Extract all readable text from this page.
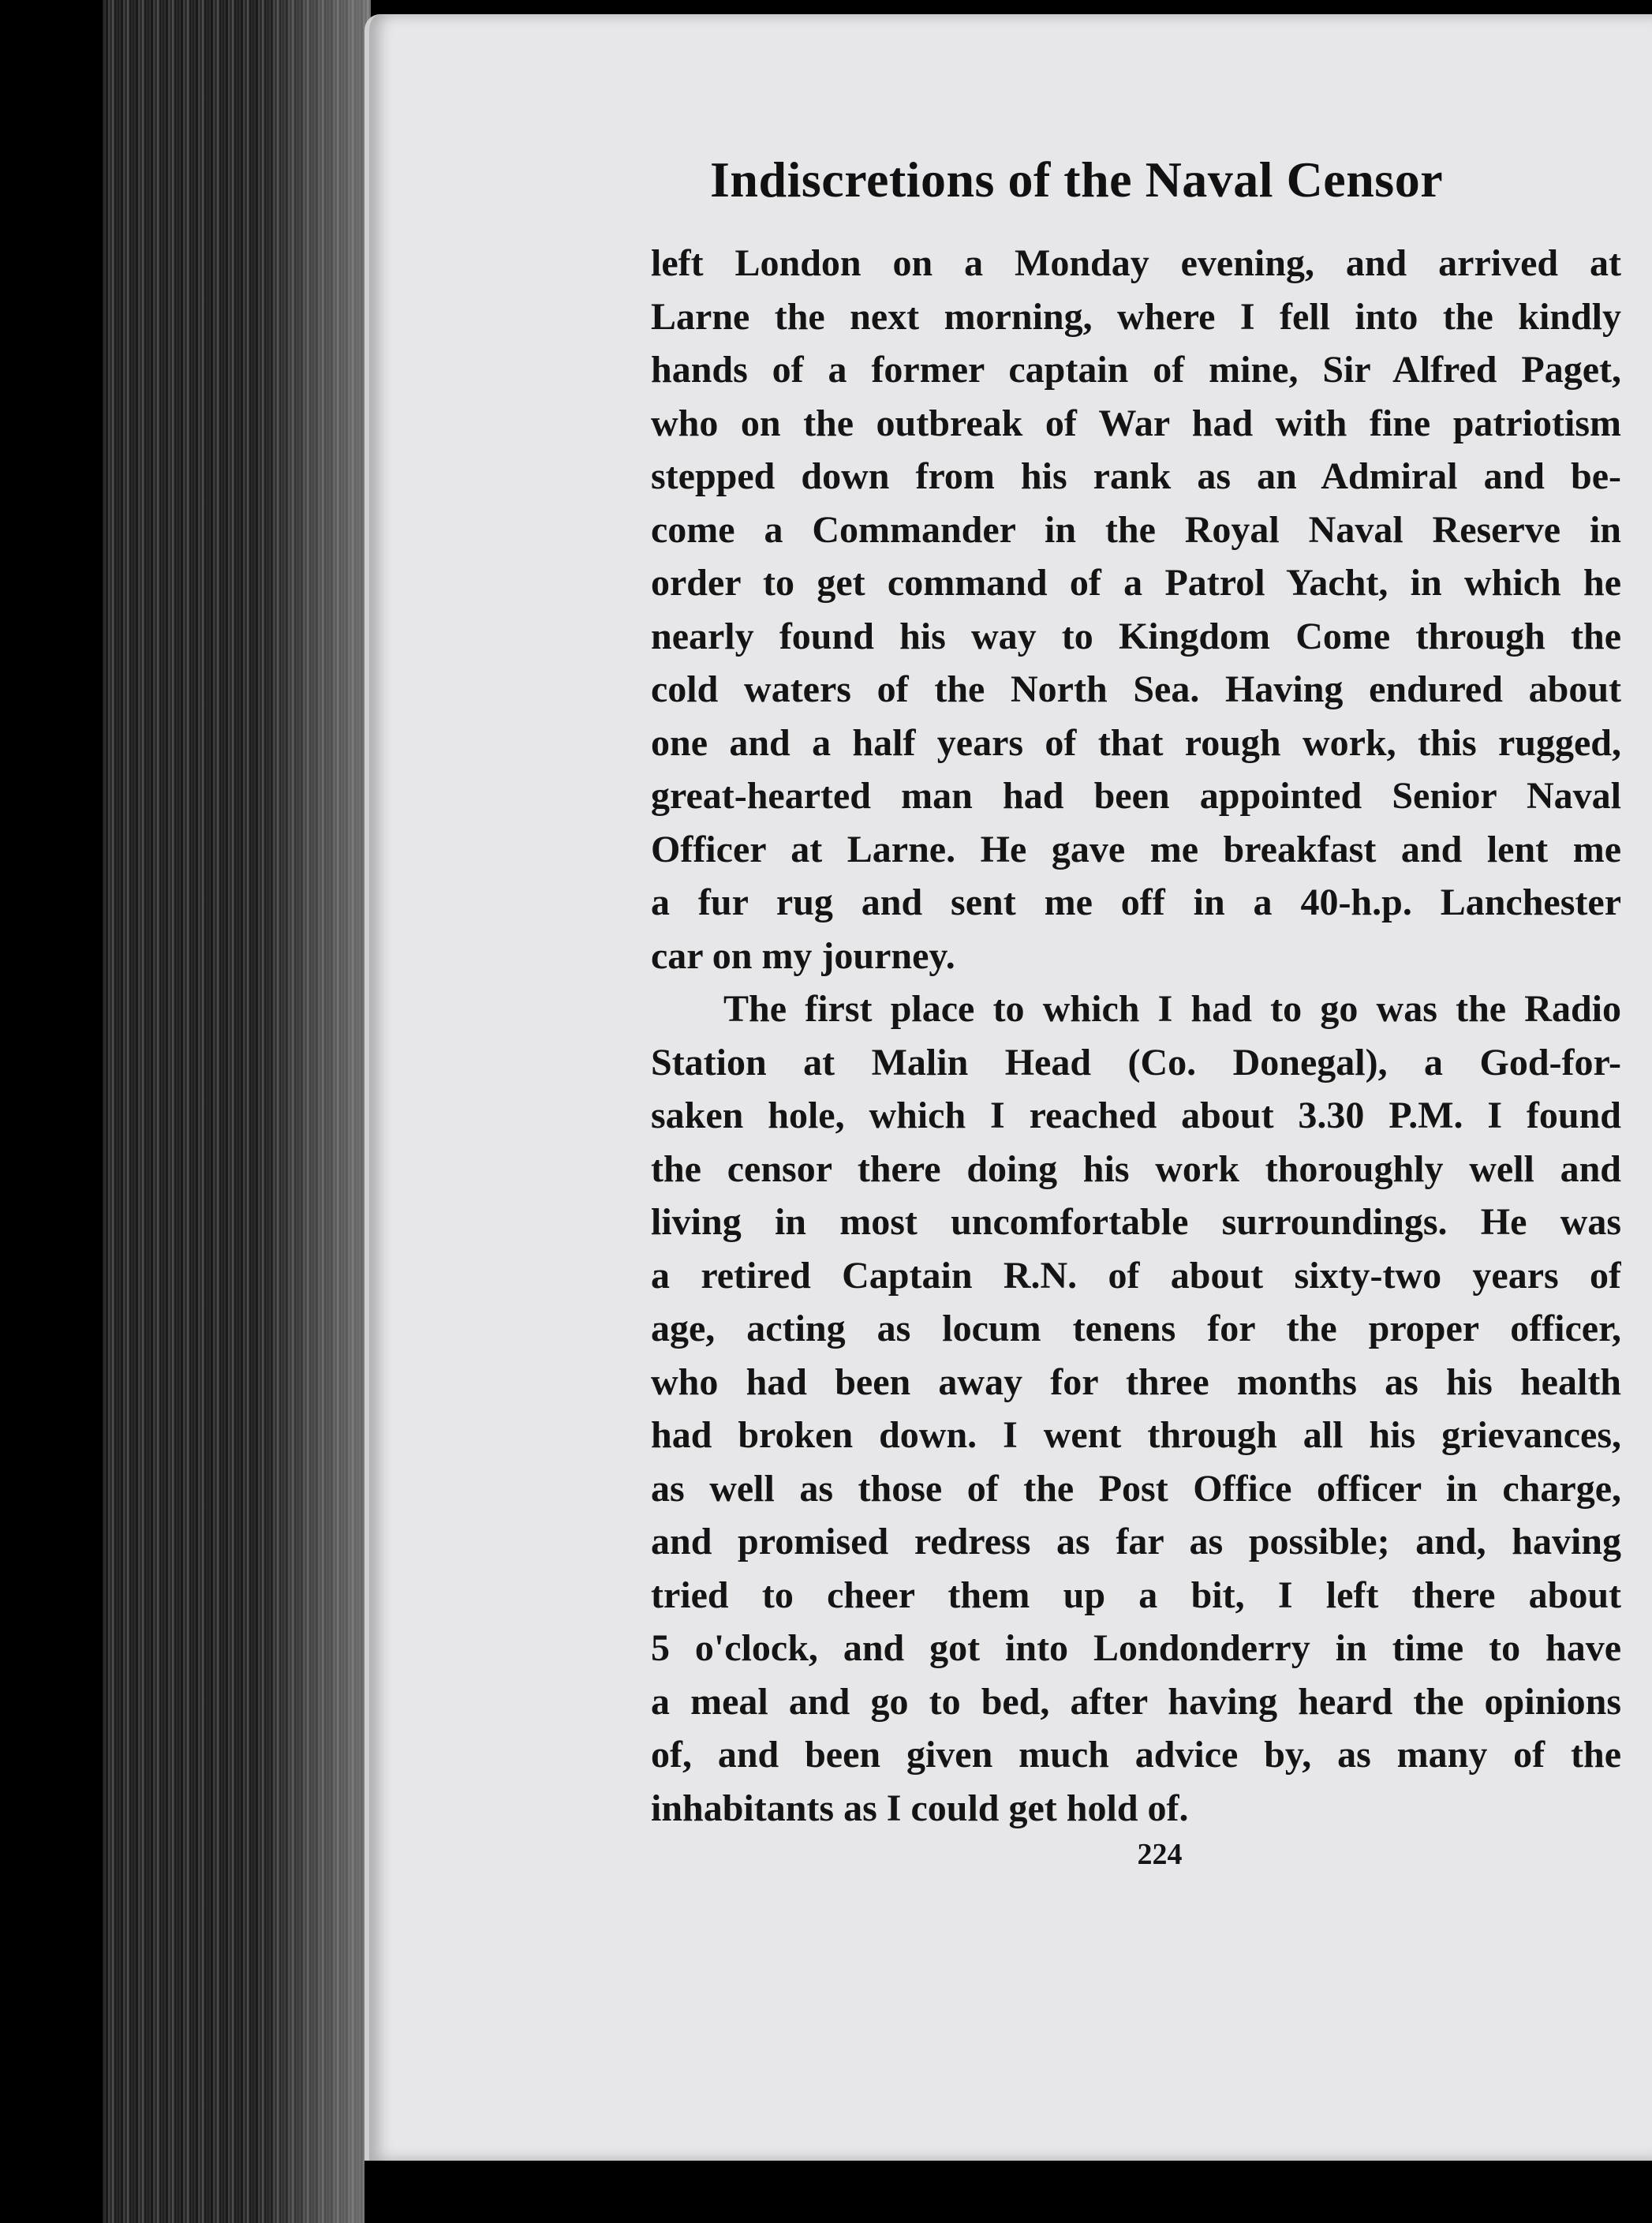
Indiscretions of the Naval Censor
left London on a Monday evening, and arrived at
Larne the next morning, where I fell into the kindly
hands of a former captain of mine, Sir Alfred Paget,
who on the outbreak of War had with fine patriotism
stepped down from his rank as an Admiral and be-
come a Commander in the Royal Naval Reserve in
order to get command of a Patrol Yacht, in which he
nearly found his way to Kingdom Come through the
cold waters of the North Sea. Having endured about
one and a half years of that rough work, this rugged,
great-hearted man had been appointed Senior Naval
Officer at Larne. He gave me breakfast and lent me
a fur rug and sent me off in a 40-h.p. Lanchester
car on my journey.
The first place to which I had to go was the Radio
Station at Malin Head (Co. Donegal), a God-for-
saken hole, which I reached about 3.30 P.M. I found
the censor there doing his work thoroughly well and
living in most uncomfortable surroundings. He was
a retired Captain R.N. of about sixty-two years of
age, acting as locum tenens for the proper officer,
who had been away for three months as his health
had broken down. I went through all his grievances,
as well as those of the Post Office officer in charge,
and promised redress as far as possible; and, having
tried to cheer them up a bit, I left there about
5 o'clock, and got into Londonderry in time to have
a meal and go to bed, after having heard the opinions
of, and been given much advice by, as many of the
inhabitants as I could get hold of.
224
